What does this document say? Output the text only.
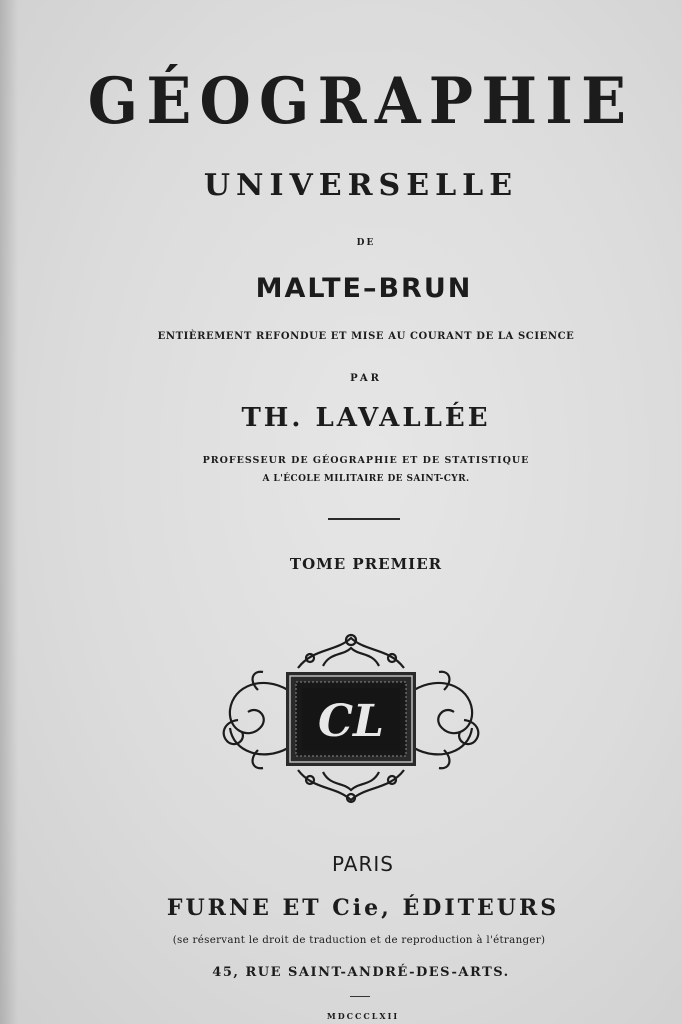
GÉOGRAPHIE
UNIVERSELLE
DE
MALTE–BRUN
ENTIÈREMENT REFONDUE ET MISE AU COURANT DE LA SCIENCE
PAR
TH. LAVALLÉE
PROFESSEUR DE GÉOGRAPHIE ET DE STATISTIQUE
A L'ÉCOLE MILITAIRE DE SAINT-CYR.
TOME PREMIER
CL
PARIS
FURNE ET Cie, ÉDITEURS
(se réservant le droit de traduction et de reproduction à l'étranger)
45, RUE SAINT-ANDRÉ-DES-ARTS.
MDCCCLXII
